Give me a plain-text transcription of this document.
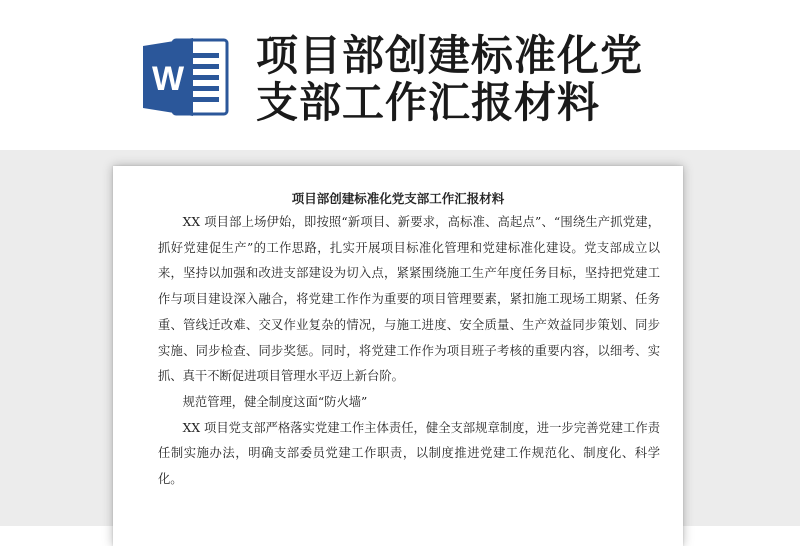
W 项目部创建标准化党
支部工作汇报材料
项目部创建标准化党支部工作汇报材料

XX 项目部上场伊始，即按照“新项目、新要求，高标准、高起点”、“围绕生产抓党建，抓好党建促生产”的工作思路，扎实开展项目标准化管理和党建标准化建设。党支部成立以来，坚持以加强和改进支部建设为切入点，紧紧围绕施工生产年度任务目标，坚持把党建工作与项目建设深入融合，将党建工作作为重要的项目管理要素，紧扣施工现场工期紧、任务重、管线迁改难、交叉作业复杂的情况，与施工进度、安全质量、生产效益同步策划、同步实施、同步检查、同步奖惩。同时，将党建工作作为项目班子考核的重要内容，以细考、实抓、真干不断促进项目管理水平迈上新台阶。

规范管理，健全制度这面“防火墙”

XX 项目党支部严格落实党建工作主体责任，健全支部规章制度，进一步完善党建工作责任制实施办法，明确支部委员党建工作职责，以制度推进党建工作规范化、制度化、科学化。
